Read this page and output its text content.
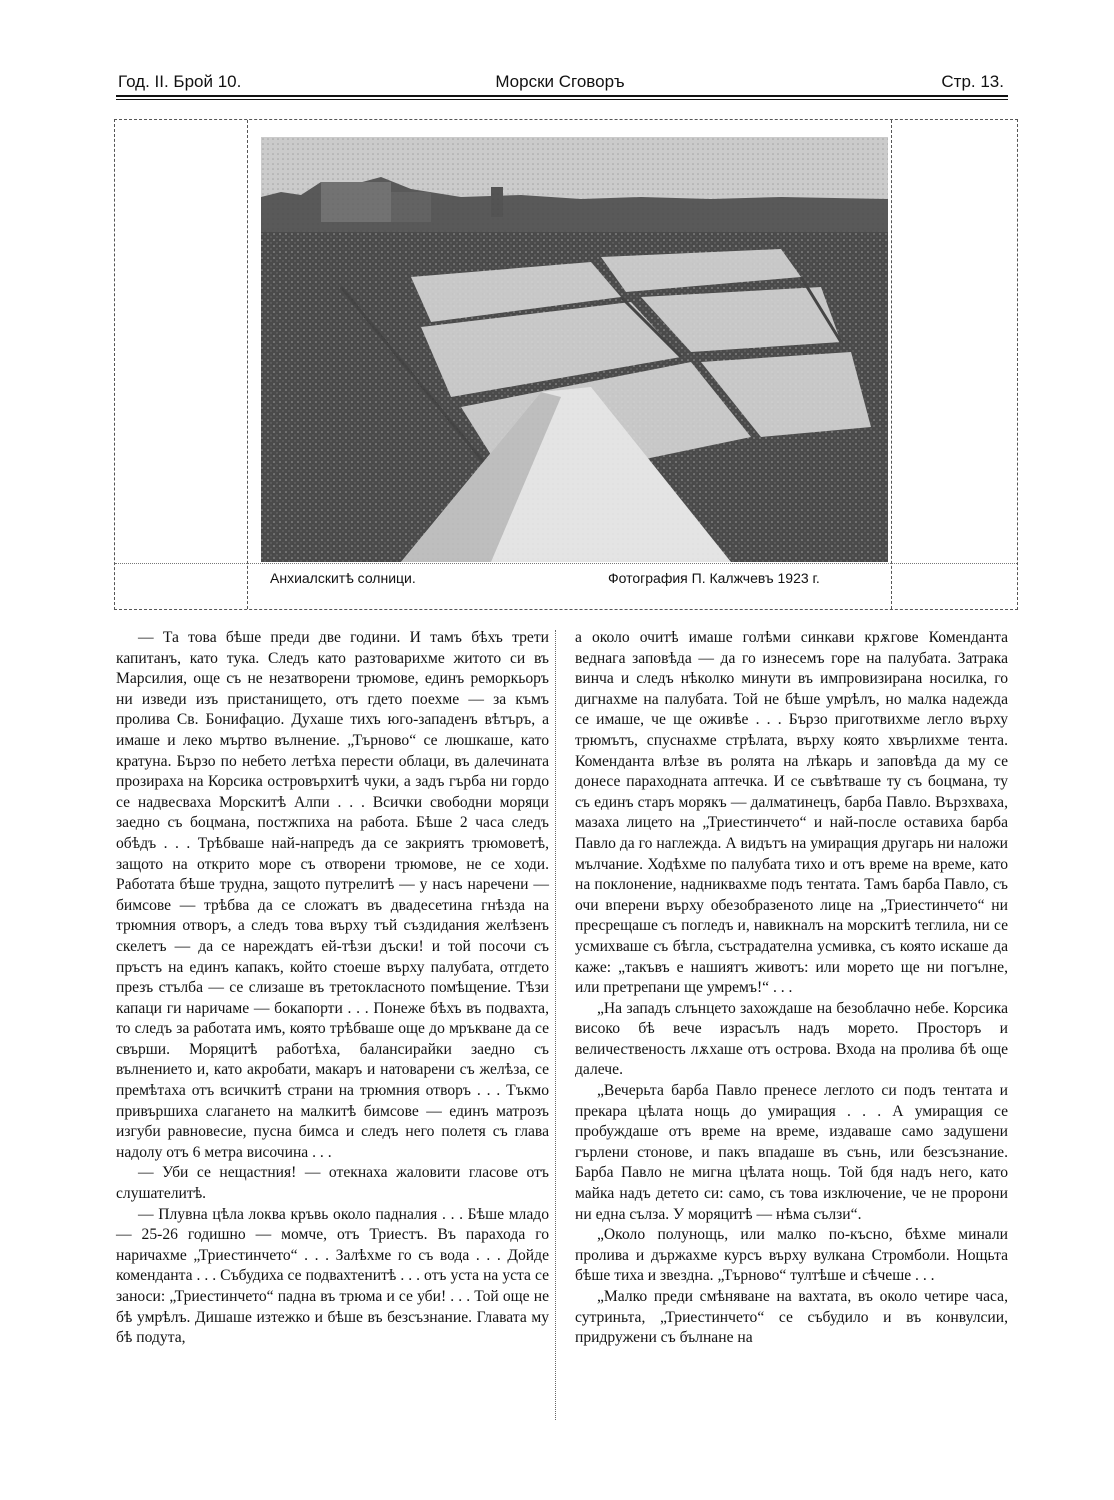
Год. II. Брой 10.	Морски Сговоръ	Стр. 13.
Анхиалскитѣ солници.	Фотография П. Калжчевъ 1923 г.

— Та това бѣше преди две години. И тамъ бѣхъ трети капитанъ, като тука. Следъ като разтоварихме житото си въ Марсилия, още съ не незатворени трюмове, единъ реморкьоръ ни изведи изъ пристанището, отъ гдето поехме — за къмъ пролива Св. Бонифацио. Духаше тихъ юго-западенъ вѣтъръ, а имаше и леко мъртво вълнение. „Търново“ се люшкаше, като кратуна. Бързо по небето летѣха перести облаци, въ далечината прозираха на Корсика островърхитѣ чуки, а задъ гърба ни гордо се надвесваха Морскитѣ Алпи . . . Всички свободни моряци заедно съ боцмана, постжпиха на работа. Бѣше 2 часа следъ обѣдъ . . . Трѣбваше най-напредъ да се закриятъ трюмоветѣ, защото на открито море съ отворени трюмове, не се ходи. Работата бѣше трудна, защото путрелитѣ — у насъ наречени — бимсове — трѣбва да се сложатъ въ двадесетина гнѣзда на трюмния отворъ, а следъ това върху тъй създидания желѣзенъ скелетъ — да се нареждатъ ей-тѣзи дъски! и той посочи съ пръстъ на единъ капакъ, който стоеше върху палубата, отгдето презъ стълба — се слизаше въ третокласното помѣщение. Тѣзи капаци ги наричаме — бокапорти . . . Понеже бѣхъ въ подвахта, то следъ за работата имъ, която трѣбваше още до мръкване да се свърши. Моряцитѣ работѣха, балансирайки заедно съ вълнението и, като акробати, макаръ и натоварени съ желѣза, се премѣтаха отъ всичкитѣ страни на трюмния отворъ . . . Тъкмо привършиха слагането на малкитѣ бимсове — единъ матрозъ изгуби равновесие, пусна бимса и следъ него полетя съ глава надолу отъ 6 метра височина . . .

— Уби се нещастния! — отекнаха жаловити гласове отъ слушателитѣ.

— Плувна цѣла локва кръвь около падналия . . . Бѣше младо — 25-26 годишно — момче, отъ Триестъ. Въ парахода го наричахме „Триестинчето“ . . . Залѣхме го съ вода . . . Дойде коменданта . . . Събудиха се подвахтенитѣ . . . отъ уста на уста се заноси: „Триестинчето“ падна въ трюма и се уби! . . . Той още не бѣ умрѣлъ. Дишаше изтежко и бѣше въ безсъзнание. Главата му бѣ подута,

а около очитѣ имаше голѣми синкави крѫгове Коменданта веднага заповѣда — да го изнесемъ горе на палубата. Затрака винча и следъ нѣколко минути въ импровизирана носилка, го дигнахме на палубата. Той не бѣше умрѣлъ, но малка надежда се имаше, че ще оживѣе . . . Бързо приготвихме легло върху трюмътъ, спуснахме стрѣлата, върху която хвърлихме тента. Коменданта влѣзе въ ролята на лѣкарь и заповѣда да му се донесе параходната аптечка. И се съвѣтваше ту съ боцмана, ту съ единъ старъ морякъ — далматинецъ, барба Павло. Вързхваха, мазаха лицето на „Триестинчето“ и най-после оставиха барба Павло да го наглежда. А видътъ на умиращия другарь ни наложи мълчание. Ходѣхме по палубата тихо и отъ време на време, като на поклонение, надниквахме подъ тентата. Тамъ барба Павло, съ очи вперени върху обезобразеното лице на „Триестинчето“ ни пресрещаше съ погледъ и, навикналъ на морскитѣ теглила, ни се усмихваше съ бѣгла, състрадателна усмивка, съ която искаше да каже: „такъвъ е нашиятъ животъ: или морето ще ни погълне, или претрепани ще умремъ!“ . . .

„На западъ слънцето захождаше на безоблачно небе. Корсика високо бѣ вече израсълъ надъ морето. Просторъ и величественость лѫхаше отъ острова. Входа на пролива бѣ още далече.

„Вечерьта барба Павло пренесе леглото си подъ тентата и прекара цѣлата нощь до умиращия . . . А умиращия се пробуждаше отъ време на време, издаваше само задушени гърлени стонове, и пакъ впадаше въ сънь, или безсъзнание. Барба Павло не мигна цѣлата нощь. Той бдя надъ него, като майка надъ детето си: само, съ това изключение, че не пророни ни една сълза. У моряцитѣ — нѣма сълзи“.

„Около полунощь, или малко по-късно, бѣхме минали пролива и държахме курсъ върху вулкана Стромболи. Нощьта бѣше тиха и звездна. „Търново“ тултѣше и сѣчеше . . .

„Малко преди смѣняване на вахтата, въ около четире часа, сутриньта, „Триестинчето“ се събудило и въ конвулсии, придружени съ бълнане на
